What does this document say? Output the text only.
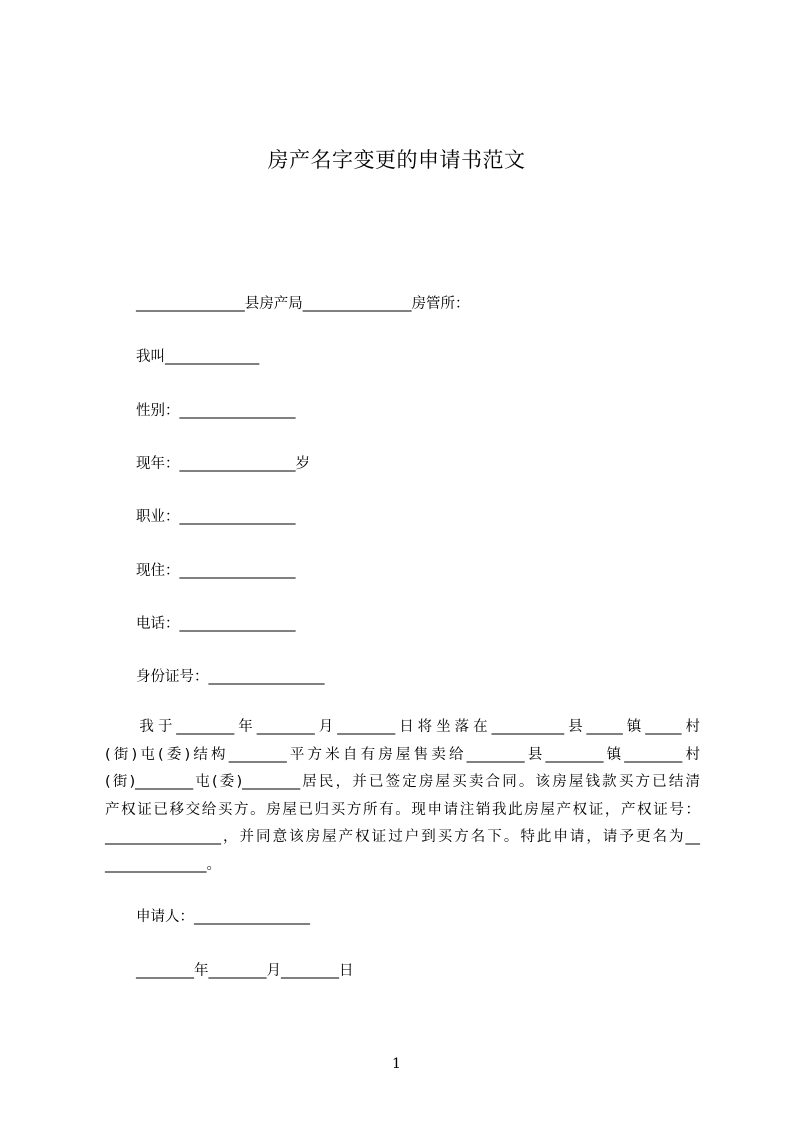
房产名字变更的申请书范文
_______________县房产局_______________房管所：
我叫_____________
性别：________________
现年：________________岁
职业：________________
现住：________________
电话：________________
身份证号：________________
我于________年________月________日将坐落在__________县_____镇_____村
(街)屯(委)结构________平方米自有房屋售卖给________县________镇________村
(街)________屯(委)________居民，并已签定房屋买卖合同。该房屋钱款买方已结清
产权证已移交给买方。房屋已归买方所有。现申请注销我此房屋产权证，产权证号：
________________，并同意该房屋产权证过户到买方名下。特此申请，请予更名为__
______________。
申请人：________________
________年________月________日
1
